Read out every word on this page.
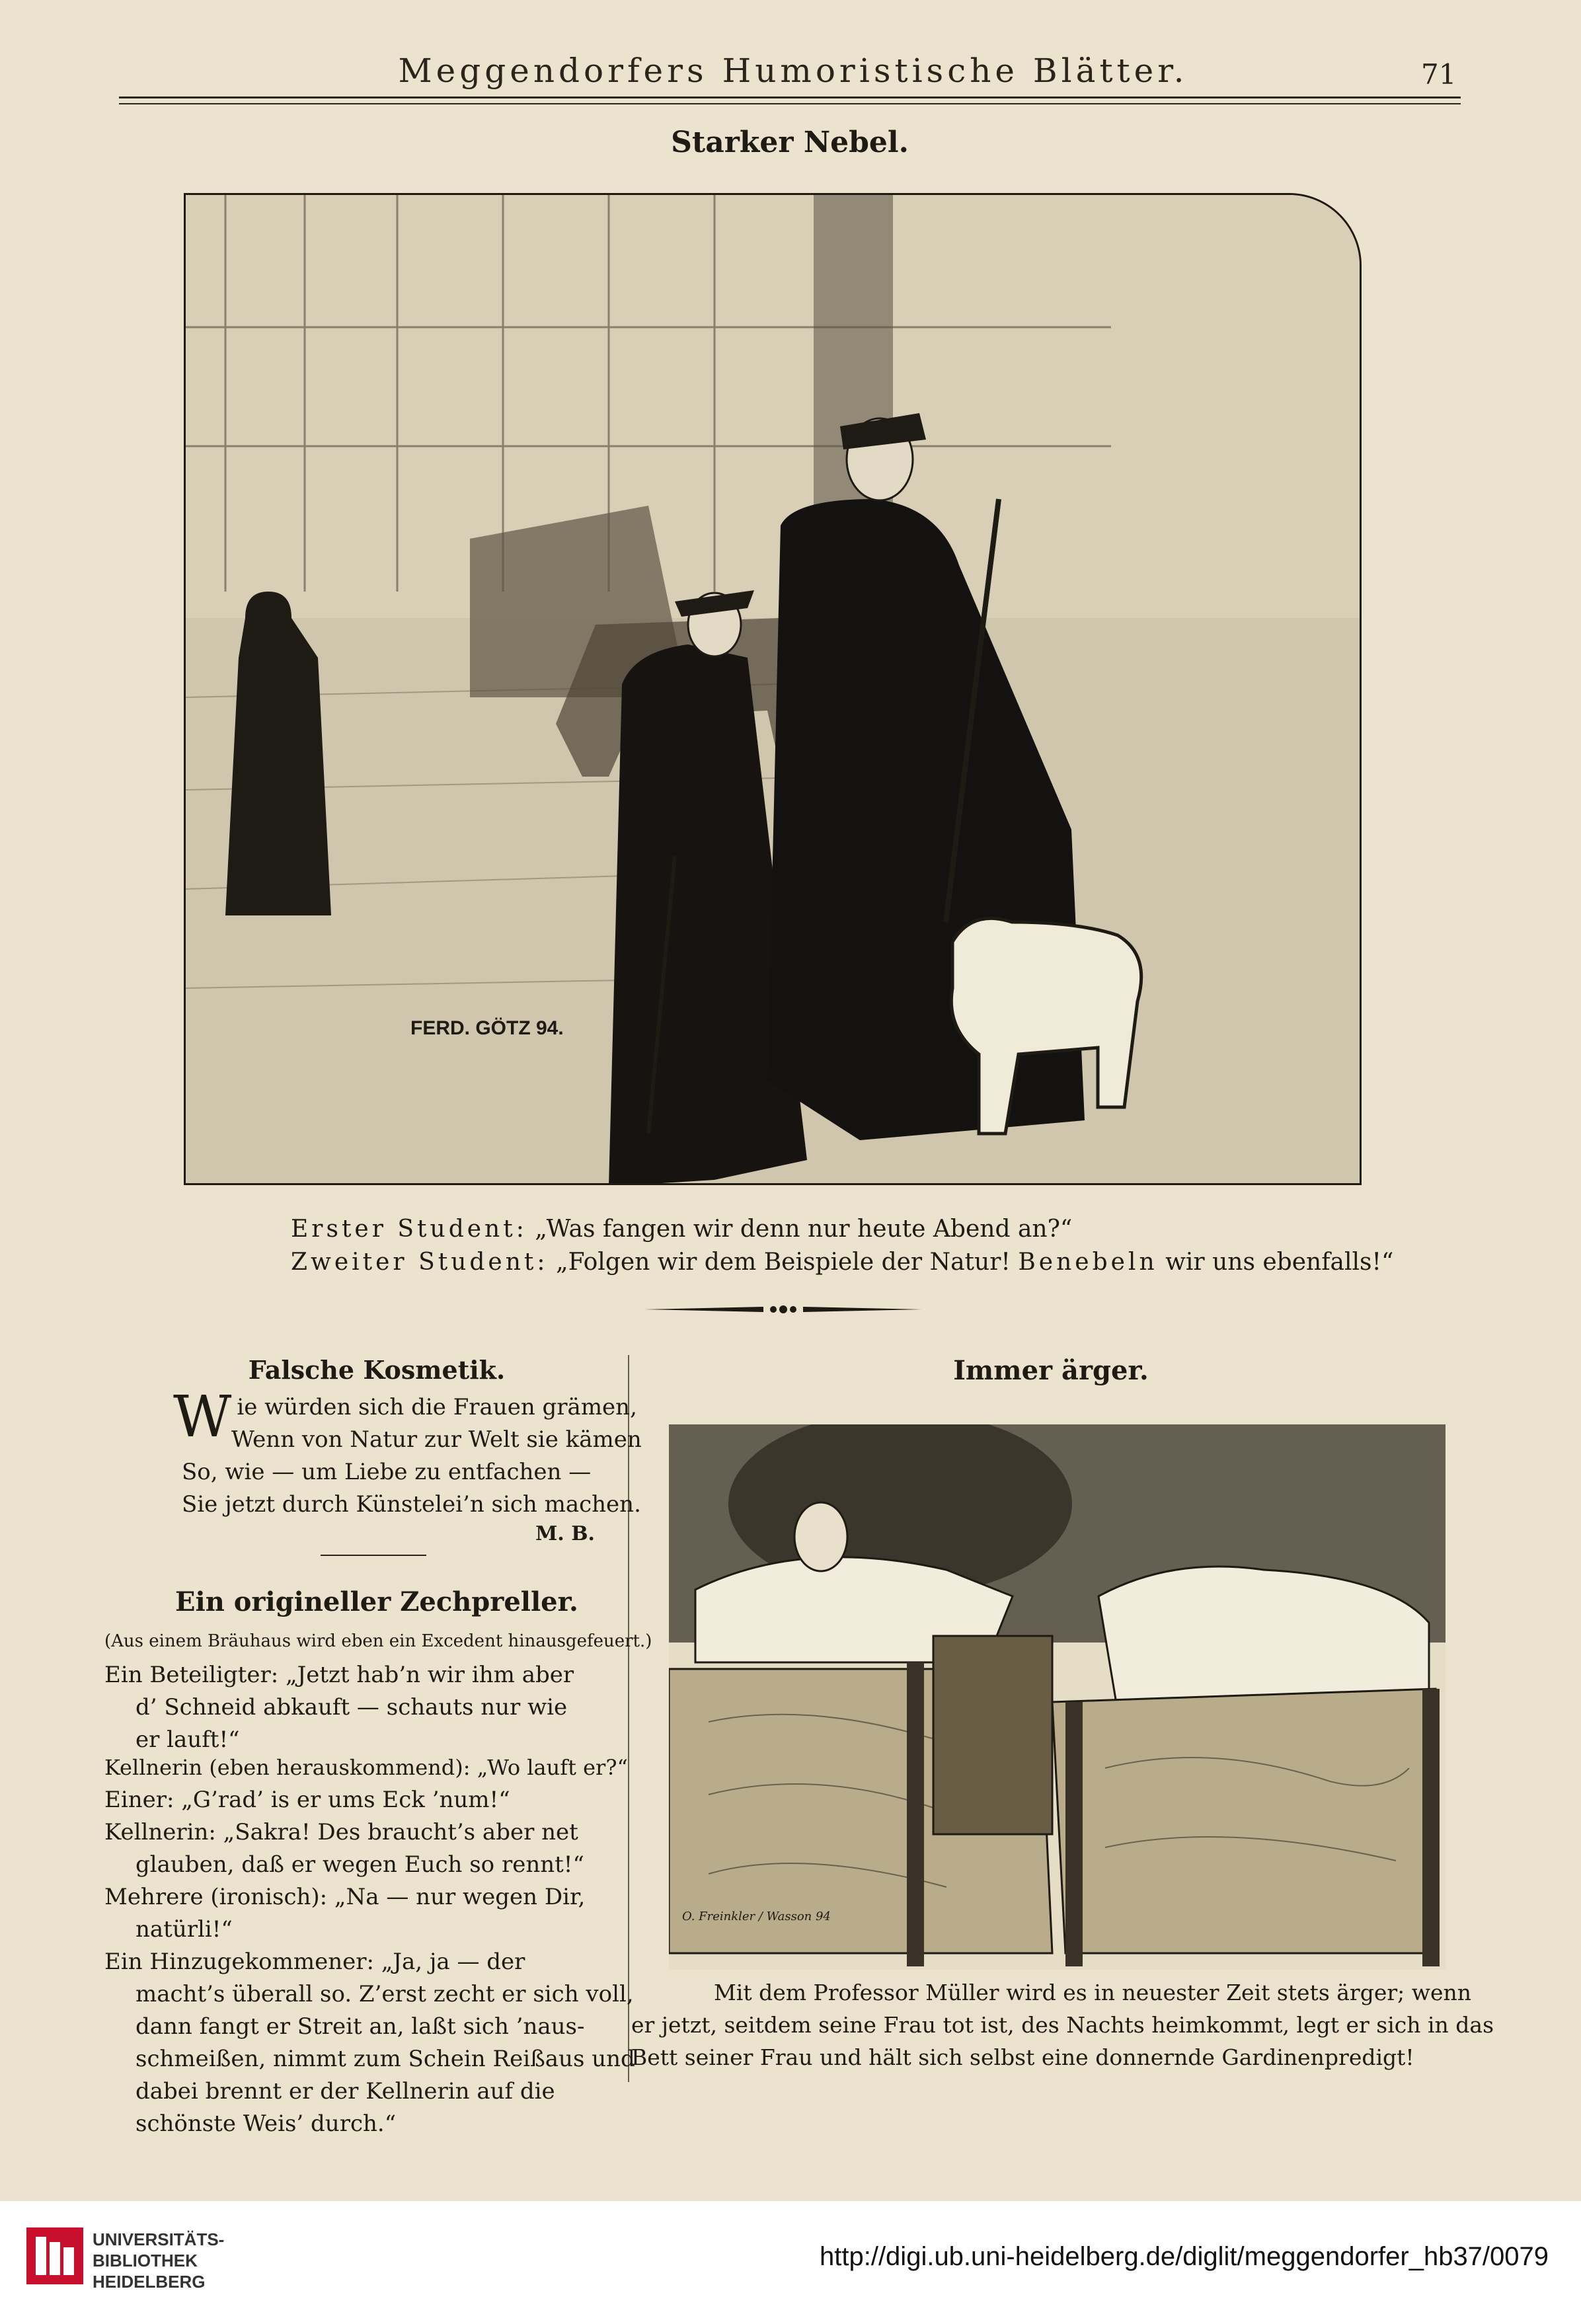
Meggendorfers Humoristische Blätter.	71
Starker Nebel.
FERD. GÖTZ 94.
Erster Student: „Was fangen wir denn nur heute Abend an?“
Zweiter Student: „Folgen wir dem Beispiele der Natur! Benebeln wir uns ebenfalls!“
Falsche Kosmetik.
Wie würden sich die Frauen grämen,
Wenn von Natur zur Welt sie kämen
So, wie — um Liebe zu entfachen —
Sie jetzt durch Künstelei’n sich machen.
M. B.
Ein origineller Zechpreller.
(Aus einem Bräuhaus wird eben ein Excedent hinausgefeuert.)
Ein Beteiligter: „Jetzt hab’n wir ihm aber
d’ Schneid abkauft — schauts nur wie
er lauft!“
Kellnerin (eben herauskommend): „Wo lauft er?“
Einer: „G’rad’ is er ums Eck ’num!“
Kellnerin: „Sakra! Des braucht’s aber net
glauben, daß er wegen Euch so rennt!“
Mehrere (ironisch): „Na — nur wegen Dir,
natürli!“
Ein Hinzugekommener: „Ja, ja — der
macht’s überall so. Z’erst zecht er sich voll,
dann fangt er Streit an, laßt sich ’naus-
schmeißen, nimmt zum Schein Reißaus und
dabei brennt er der Kellnerin auf die
schönste Weis’ durch.“
Immer ärger.
O. Freinkler / Wasson 94
Mit dem Professor Müller wird es in neuester Zeit stets ärger; wenn
er jetzt, seitdem seine Frau tot ist, des Nachts heimkommt, legt er sich in das
Bett seiner Frau und hält sich selbst eine donnernde Gardinenpredigt!
UNIVERSITÄTS-
BIBLIOTHEK
HEIDELBERG
http://digi.ub.uni-heidelberg.de/diglit/meggendorfer_hb37/0079
